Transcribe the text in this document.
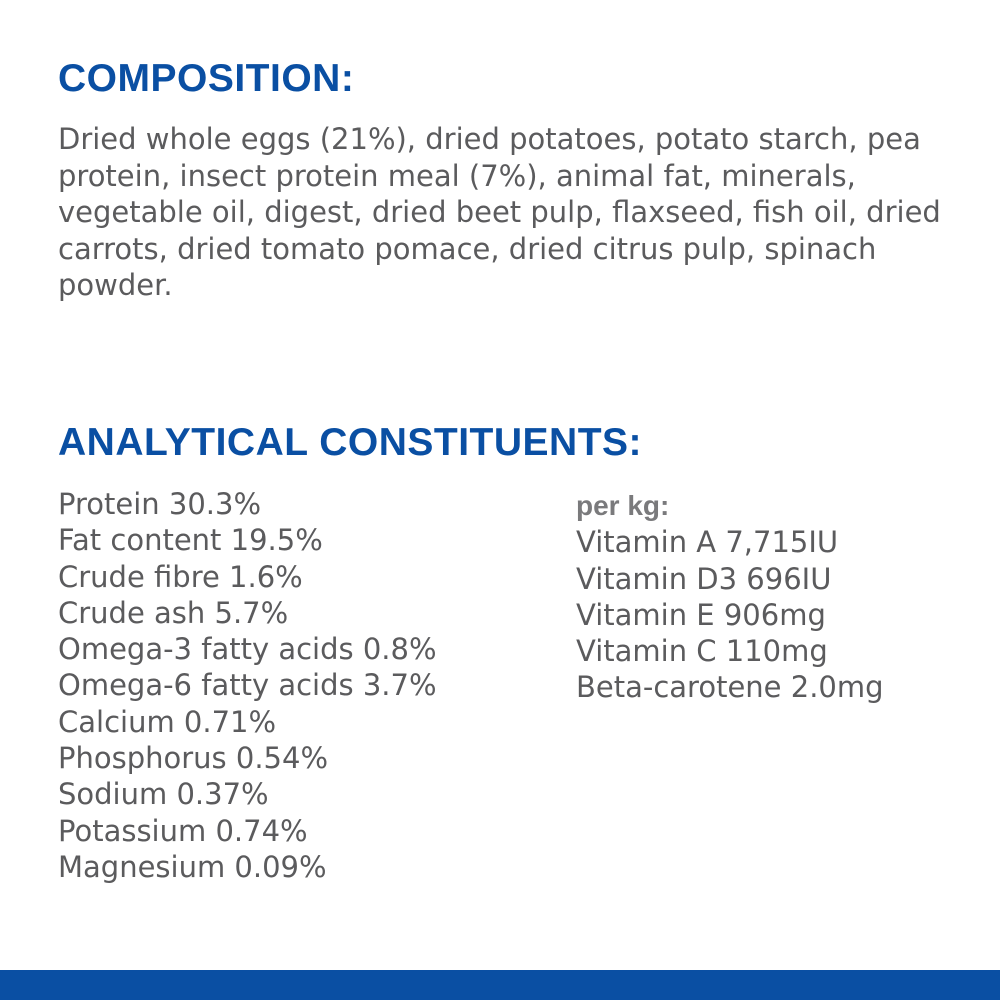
COMPOSITION:

Dried whole eggs (21%), dried potatoes, potato starch, pea protein, insect protein meal (7%), animal fat, minerals, vegetable oil, digest, dried beet pulp, flaxseed, fish oil, dried carrots, dried tomato pomace, dried citrus pulp, spinach powder.

ANALYTICAL CONSTITUENTS:
Protein 30.3%
Fat content 19.5%
Crude fibre 1.6%
Crude ash 5.7%
Omega-3 fatty acids 0.8%
Omega-6 fatty acids 3.7%
Calcium 0.71%
Phosphorus 0.54%
Sodium 0.37%
Potassium 0.74%
Magnesium 0.09%
per kg:
Vitamin A 7,715IU
Vitamin D3 696IU
Vitamin E 906mg
Vitamin C 110mg
Beta-carotene 2.0mg
